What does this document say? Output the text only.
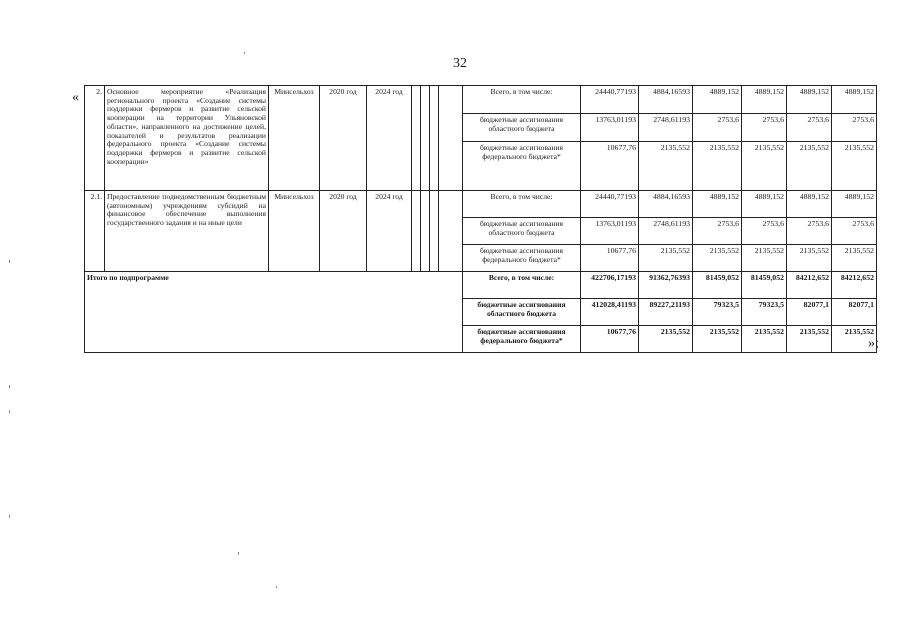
32
«
»;
2.	Основное мероприятие «Реализация регионального проекта «Создание системы поддержки фермеров и развитие сельской кооперации на территории Ульяновской области», направленного на достижение целей, показателей и результатов реализации федерального проекта «Создание системы поддержки фермеров и развитие сельской кооперации»	Минсельхоз	2020 год	2024 год					Всего, в том числе:	24440,77193	4884,16593	4889,152	4889,152	4889,152	4889,152
									бюджетные ассигнования областного бюджета	13763,01193	2748,61193	2753,6	2753,6	2753,6	2753,6
									бюджетные ассигнования федерального бюджета*	10677,76	2135,552	2135,552	2135,552	2135,552	2135,552
2.1.	Предоставление подведомственным бюджетным (автономным) учреждениям субсидий на финансовое обеспечение выполнения государственного задания и на иные цели	Минсельхоз	2020 год	2024 год					Всего, в том числе:	24440,77193	4884,16593	4889,152	4889,152	4889,152	4889,152
									бюджетные ассигнования областного бюджета	13763,01193	2748,61193	2753,6	2753,6	2753,6	2753,6
									бюджетные ассигнования федерального бюджета*	10677,76	2135,552	2135,552	2135,552	2135,552	2135,552
Итого по подпрограмме									Всего, в том числе:	422706,17193	91362,76393	81459,052	81459,052	84212,652	84212,652
									бюджетные ассигнования областного бюджета	412028,41193	89227,21193	79323,5	79323,5	82077,1	82077,1
									бюджетные ассигнования федерального бюджета*	10677,76	2135,552	2135,552	2135,552	2135,552	2135,552
